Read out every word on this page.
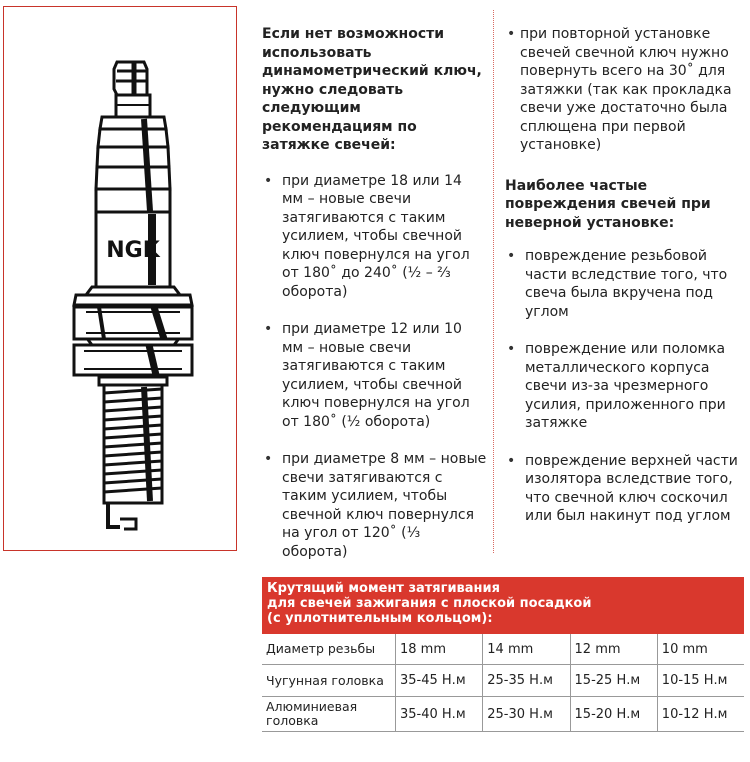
NGK
Если нет возможности использовать динамометрический ключ, нужно следовать следующим рекомендациям по затяжке свечей:
• при диаметре 18 или 14 мм – новые свечи затягиваются с таким усилием, чтобы свечной ключ повернулся на угол от 180˚ до 240˚ (½ – ⅔ оборота)
• при диаметре 12 или 10 мм – новые свечи затягиваются с таким усилием, чтобы свечной ключ повернулся на угол от 180˚ (½ оборота)
• при диаметре 8 мм – новые свечи затягиваются с таким усилием, чтобы свечной ключ повернулся на угол от 120˚ (⅓ оборота)
• при повторной установке свечей свечной ключ нужно повернуть всего на 30˚ для затяжки (так как прокладка свечи уже достаточно была сплющена при первой установке)
Наиболее частые повреждения свечей при неверной установке:
• повреждение резьбовой части вследствие того, что свеча была вкручена под углом
• повреждение или поломка металлического корпуса свечи из-за чрезмерного усилия, приложенного при затяжке
• повреждение верхней части изолятора вследствие того, что свечной ключ соскочил или был накинут под углом
Крутящий момент затягивания
для свечей зажигания с плоской посадкой
(с уплотнительным кольцом):
Диаметр резьбы	18 mm	14 mm	12 mm	10 mm
Чугунная головка	35-45 Н.м	25-35 Н.м	15-25 Н.м	10-15 Н.м
Алюминиевая головка	35-40 Н.м	25-30 Н.м	15-20 Н.м	10-12 Н.м
